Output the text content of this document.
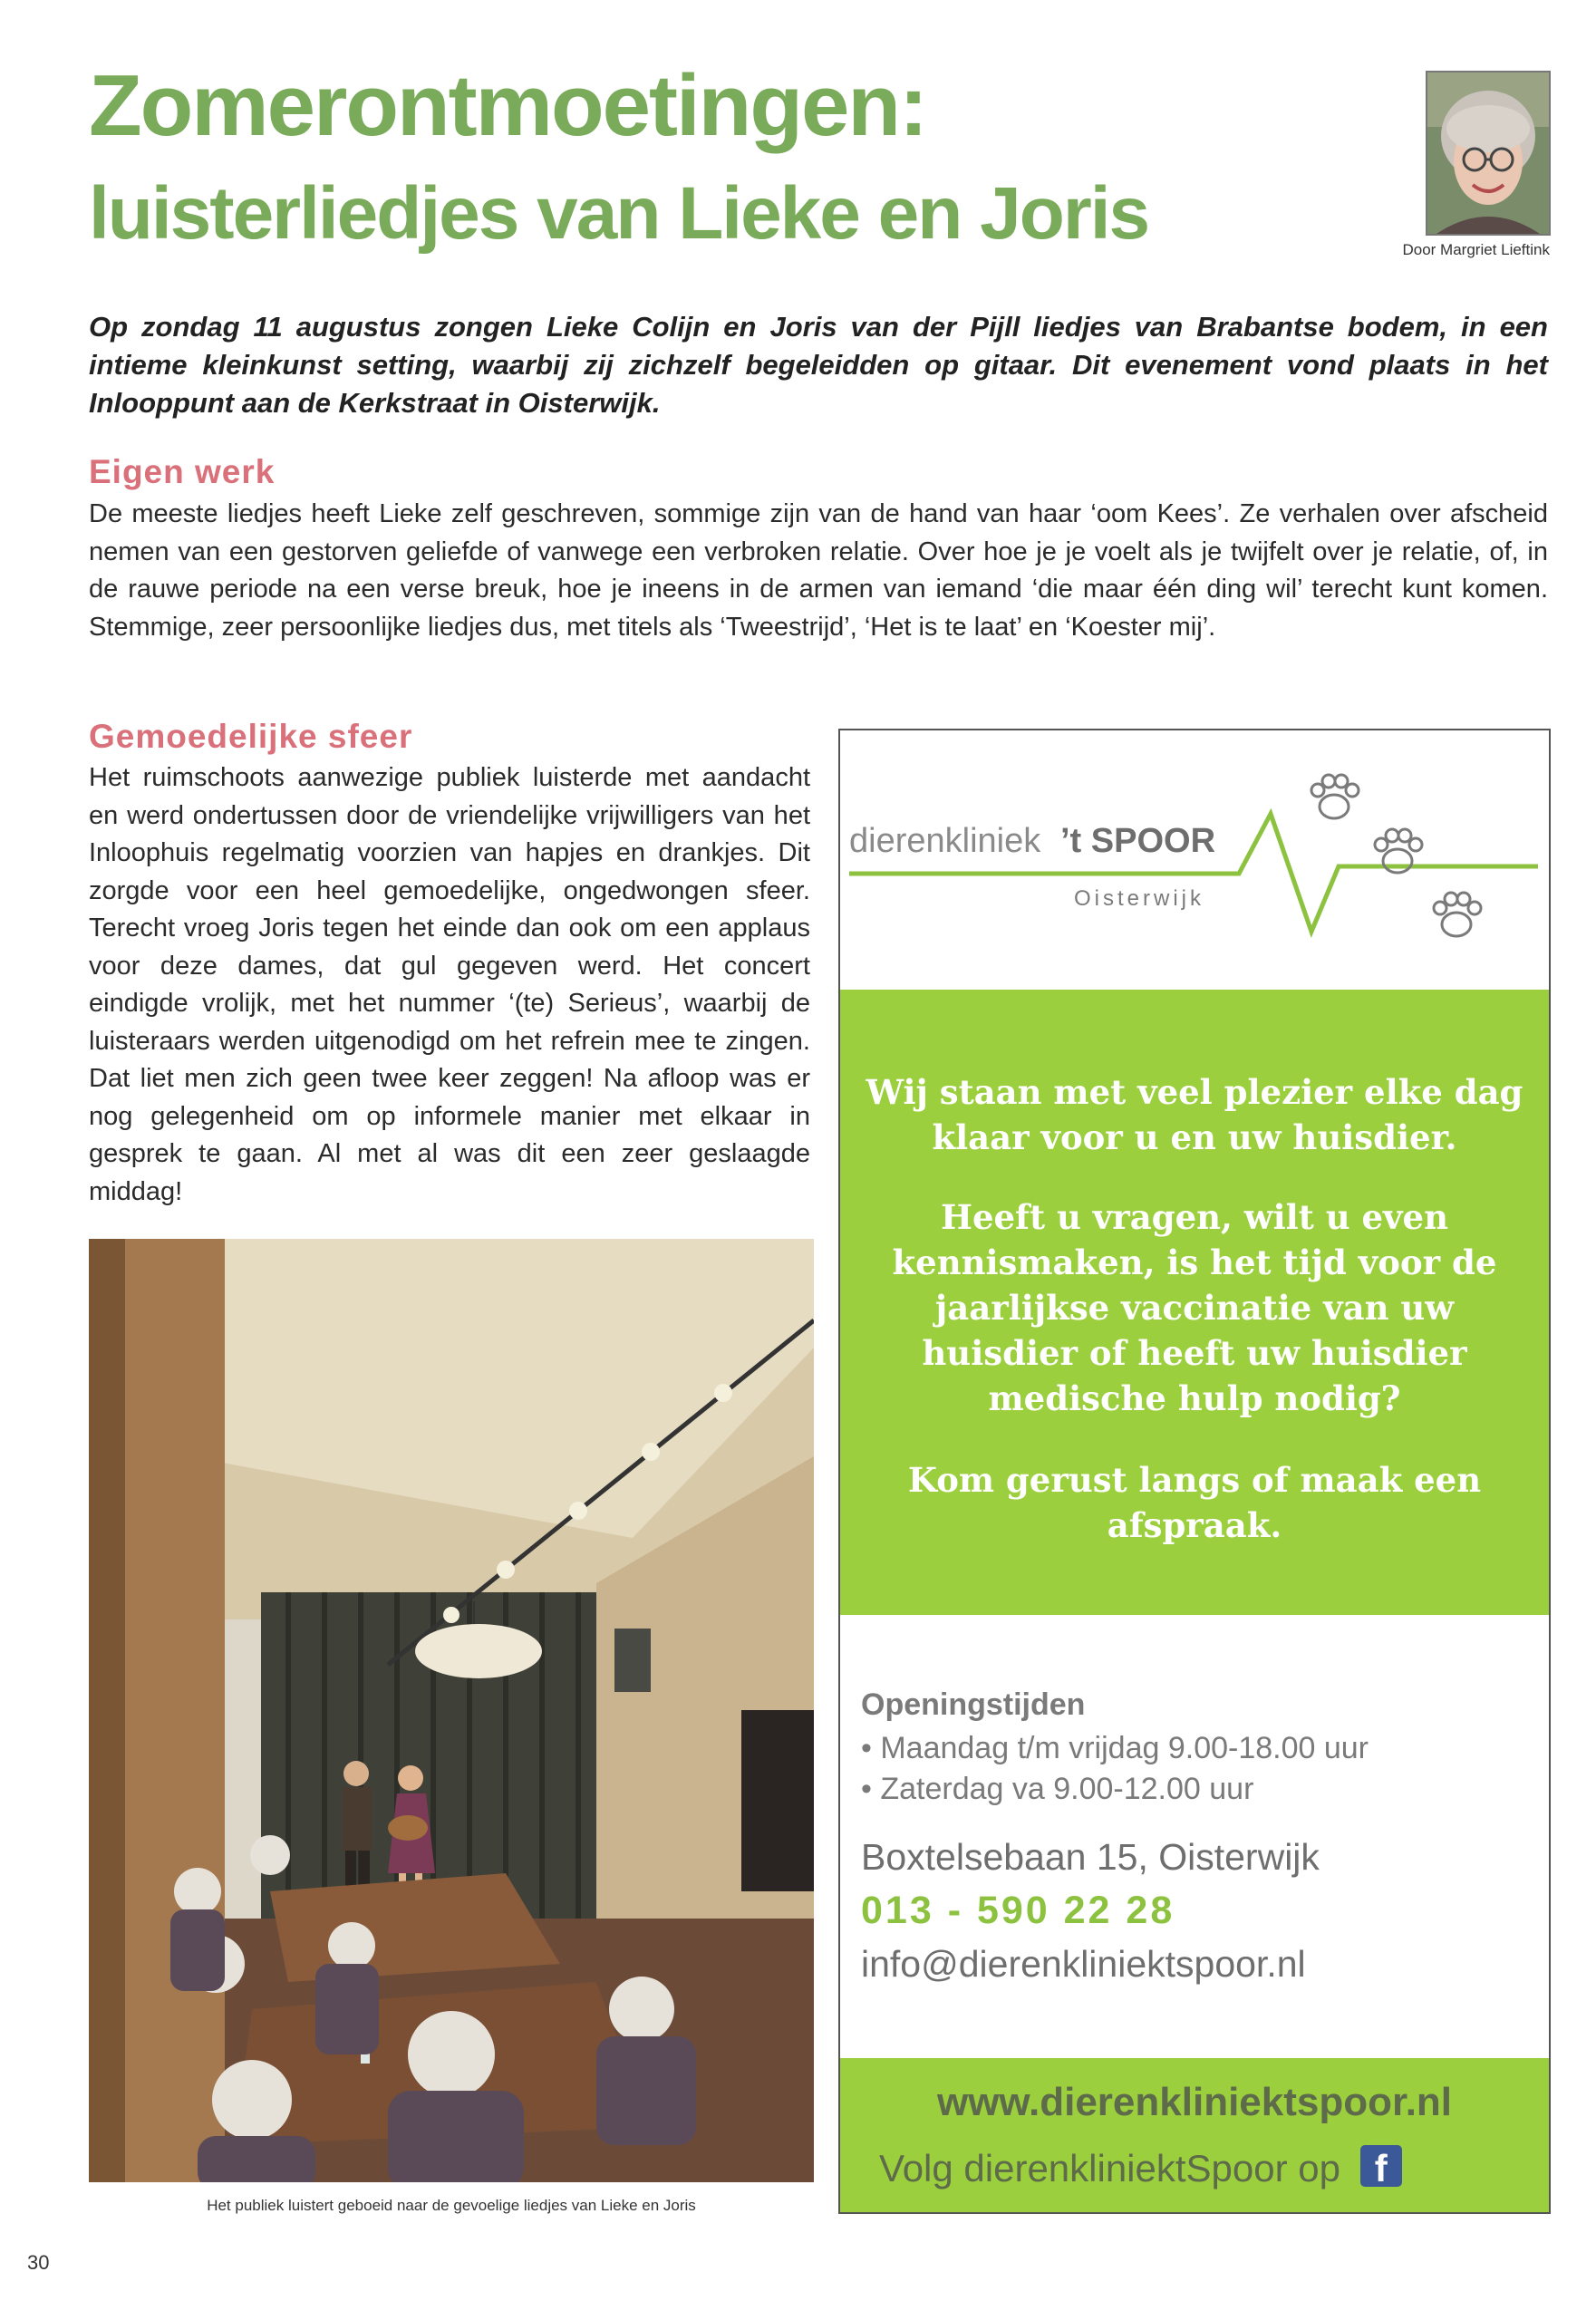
Zomerontmoetingen:
luisterliedjes van Lieke en Joris	Door Margriet Lieftink
Op zondag 11 augustus zongen Lieke Colijn en Joris van der Pijll liedjes van Brabantse bodem, in een intieme kleinkunst setting, waarbij zij zichzelf begeleidden op gitaar. Dit evenement vond plaats in het Inlooppunt aan de Kerkstraat in Oisterwijk.
Eigen werk
De meeste liedjes heeft Lieke zelf geschreven, sommige zijn van de hand van haar ‘oom Kees’. Ze verhalen over afscheid nemen van een gestorven geliefde of vanwege een verbroken relatie. Over hoe je je voelt als je twijfelt over je relatie, of, in de rauwe periode na een verse breuk, hoe je ineens in de armen van iemand ‘die maar één ding wil’ terecht kunt komen. Stemmige, zeer persoonlijke liedjes dus, met titels als ‘Tweestrijd’, ‘Het is te laat’ en ‘Koester mij’.
Gemoedelijke sfeer
Het ruimschoots aanwezige publiek luisterde met aandacht en werd ondertussen door de vriendelijke vrijwilligers van het Inloophuis regelmatig voorzien van hapjes en drankjes. Dit zorgde voor een heel gemoedelijke, ongedwongen sfeer. Terecht vroeg Joris tegen het einde dan ook om een applaus voor deze dames, dat gul gegeven werd. Het concert eindigde vrolijk, met het nummer ‘(te) Serieus’, waarbij de luisteraars werden uitgenodigd om het refrein mee te zingen. Dat liet men zich geen twee keer zeggen! Na afloop was er nog gelegenheid om op informele manier met elkaar in gesprek te gaan. Al met al was dit een zeer geslaagde middag!
Het publiek luistert geboeid naar de gevoelige liedjes van Lieke en Joris
dierenkliniek ’t SPOOR
Oisterwijk
Wij staan met veel plezier elke dag klaar voor u en uw huisdier.
Heeft u vragen, wilt u even kennismaken, is het tijd voor de jaarlijkse vaccinatie van uw huisdier of heeft uw huisdier medische hulp nodig?
Kom gerust langs of maak een afspraak.
Openingstijden
• Maandag t/m vrijdag 9.00-18.00 uur
• Zaterdag va 9.00-12.00 uur
Boxtelsebaan 15, Oisterwijk
013 - 590 22 28
info@dierenkliniektspoor.nl
www.dierenkliniektspoor.nl
Volg dierenkliniektSpoor op f
30
